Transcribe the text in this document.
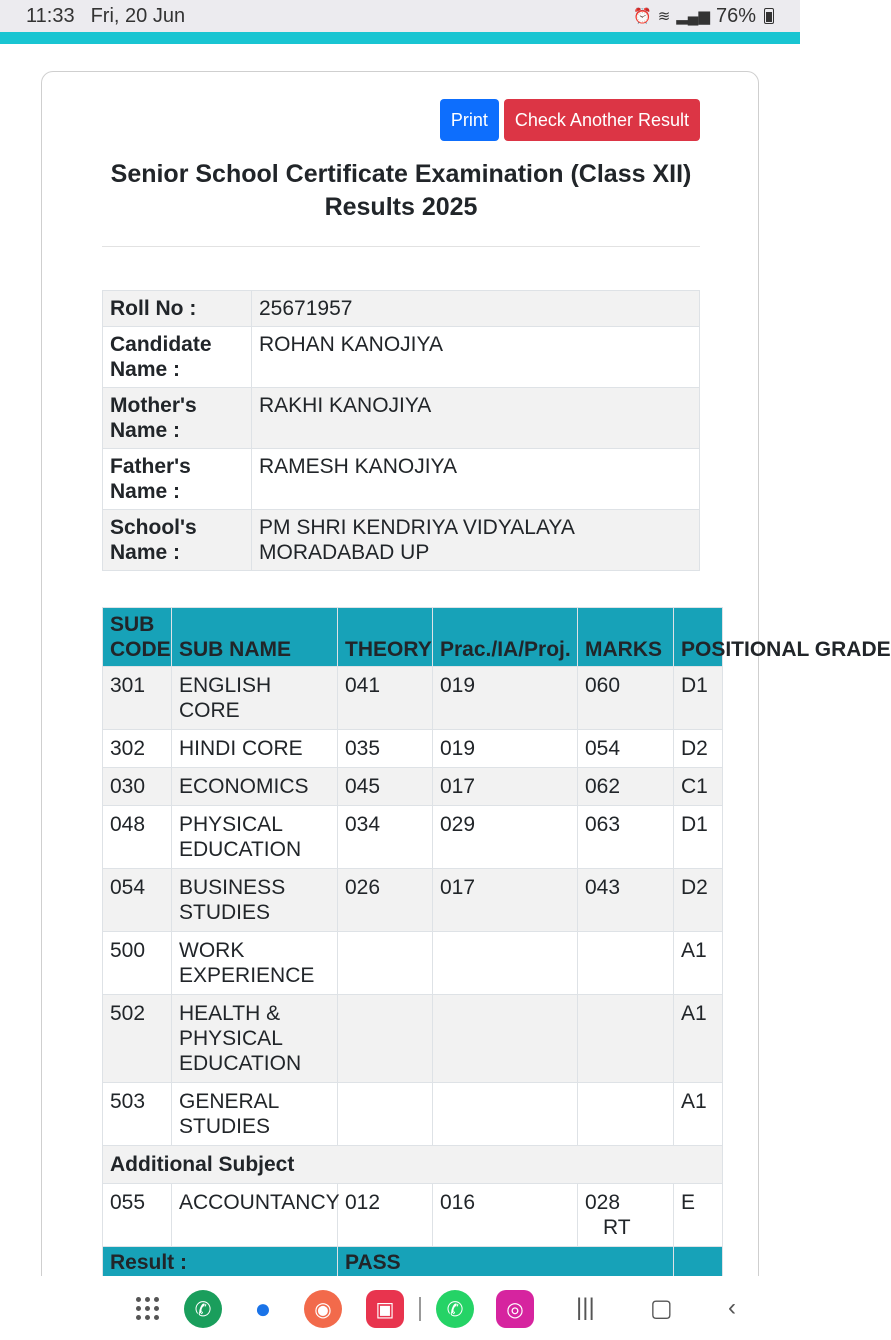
11:33 Fri, 20 Jun	⏰ ≋ ▂▄▆ 76%
Print	Check Another Result
Senior School Certificate Examination (Class XII)
Results 2025
Roll No :	25671957
Candidate Name :	ROHAN KANOJIYA
Mother's Name :	RAKHI KANOJIYA
Father's Name :	RAMESH KANOJIYA
School's Name :	PM SHRI KENDRIYA VIDYALAYA MORADABAD UP
SUB CODE	SUB NAME	THEORY	Prac./IA/Proj.	MARKS	POSITIONAL GRADE
301	ENGLISH CORE	041	019	060	D1
302	HINDI CORE	035	019	054	D2
030	ECONOMICS	045	017	062	C1
048	PHYSICAL EDUCATION	034	029	063	D1
054	BUSINESS STUDIES	026	017	043	D2
500	WORK EXPERIENCE				A1
502	HEALTH & PHYSICAL EDUCATION				A1
503	GENERAL STUDIES				A1
Additional Subject					
055	ACCOUNTANCY	012	016	028 RT	E
Result :		PASS			
✆	●	◉	▣	✆	◎	||| ▢ ‹
